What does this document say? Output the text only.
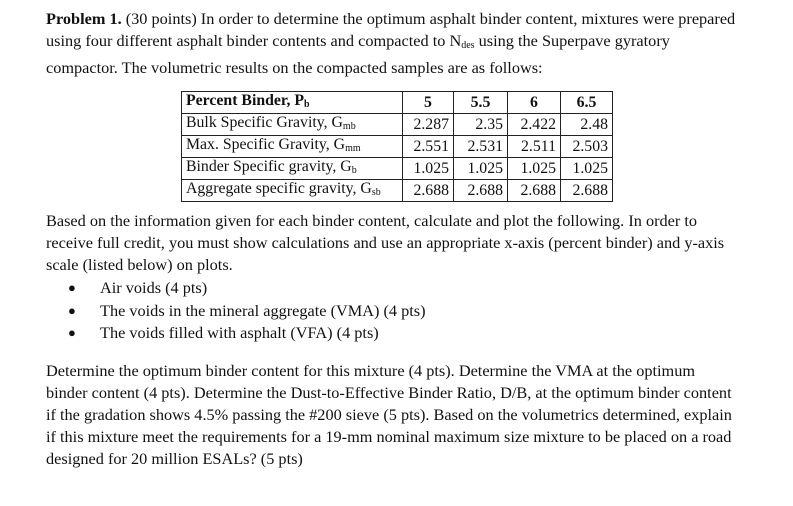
Problem 1. (30 points) In order to determine the optimum asphalt binder content, mixtures were prepared
using four different asphalt binder contents and compacted to $N_{des}$ using the Superpave gyratory
compactor. The volumetric results on the compacted samples are as follows:
Percent Binder, $P_b$	5	5.5	6	6.5
Bulk Specific Gravity, $G_{mb}$	2.287	2.35	2.422	2.48
Max. Specific Gravity, $G_{mm}$	2.551	2.531	2.511	2.503
Binder Specific gravity, $G_b$	1.025	1.025	1.025	1.025
Aggregate specific gravity, $G_{sb}$	2.688	2.688	2.688	2.688
Based on the information given for each binder content, calculate and plot the following. In order to
receive full credit, you must show calculations and use an appropriate x-axis (percent binder) and y-axis
scale (listed below) on plots.
● Air voids (4 pts)
● The voids in the mineral aggregate (VMA) (4 pts)
● The voids filled with asphalt (VFA) (4 pts)
Determine the optimum binder content for this mixture (4 pts). Determine the VMA at the optimum
binder content (4 pts). Determine the Dust-to-Effective Binder Ratio, D/B, at the optimum binder content
if the gradation shows 4.5% passing the #200 sieve (5 pts). Based on the volumetrics determined, explain
if this mixture meet the requirements for a 19-mm nominal maximum size mixture to be placed on a road
designed for 20 million ESALs? (5 pts)
